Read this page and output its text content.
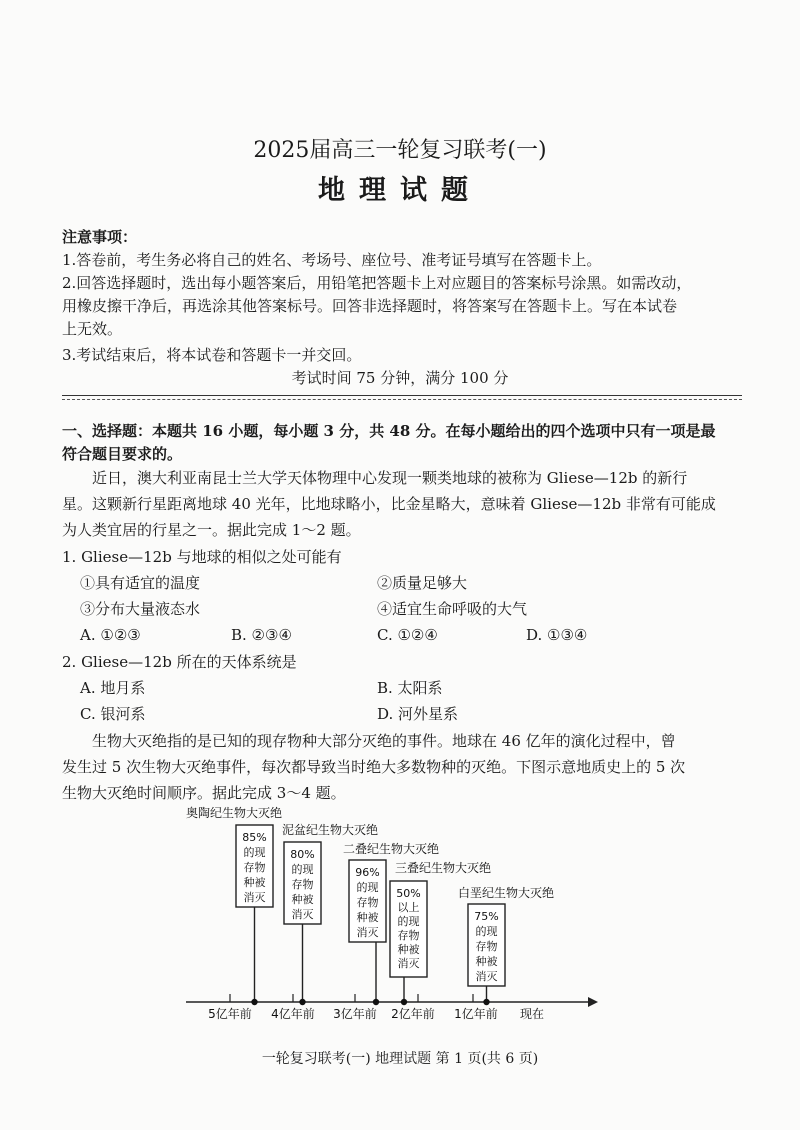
2025届高三一轮复习联考(一)
地理试题
注意事项：
1.答卷前，考生务必将自己的姓名、考场号、座位号、准考证号填写在答题卡上。
2.回答选择题时，选出每小题答案后，用铅笔把答题卡上对应题目的答案标号涂黑。如需改动，
用橡皮擦干净后，再选涂其他答案标号。回答非选择题时，将答案写在答题卡上。写在本试卷
上无效。
3.考试结束后，将本试卷和答题卡一并交回。
考试时间 75 分钟，满分 100 分
一、选择题：本题共 16 小题，每小题 3 分，共 48 分。在每小题给出的四个选项中只有一项是最
符合题目要求的。
近日，澳大利亚南昆士兰大学天体物理中心发现一颗类地球的被称为 Gliese—12b 的新行
星。这颗新行星距离地球 40 光年，比地球略小，比金星略大，意味着 Gliese—12b 非常有可能成
为人类宜居的行星之一。据此完成 1～2 题。
1. Gliese—12b 与地球的相似之处可能有
①具有适宜的温度	②质量足够大
③分布大量液态水	④适宜生命呼吸的大气
A. ①②③	B. ②③④	C. ①②④	D. ①③④
2. Gliese—12b 所在的天体系统是
A. 地月系	B. 太阳系
C. 银河系	D. 河外星系
生物大灭绝指的是已知的现存物种大部分灭绝的事件。地球在 46 亿年的演化过程中，曾
发生过 5 次生物大灭绝事件，每次都导致当时绝大多数物种的灭绝。下图示意地质史上的 5 次
生物大灭绝时间顺序。据此完成 3～4 题。
5亿年前 4亿年前 3亿年前 2亿年前 1亿年前 现在
奥陶纪生物大灭绝
85%
的现
存物
种被
消灭
泥盆纪生物大灭绝
80%
的现
存物
种被
消灭
二叠纪生物大灭绝
96%
的现
存物
种被
消灭
三叠纪生物大灭绝
50%
以上
的现
存物
种被
消灭
白垩纪生物大灭绝
75%
的现
存物
种被
消灭
一轮复习联考(一) 地理试题 第 1 页(共 6 页)
